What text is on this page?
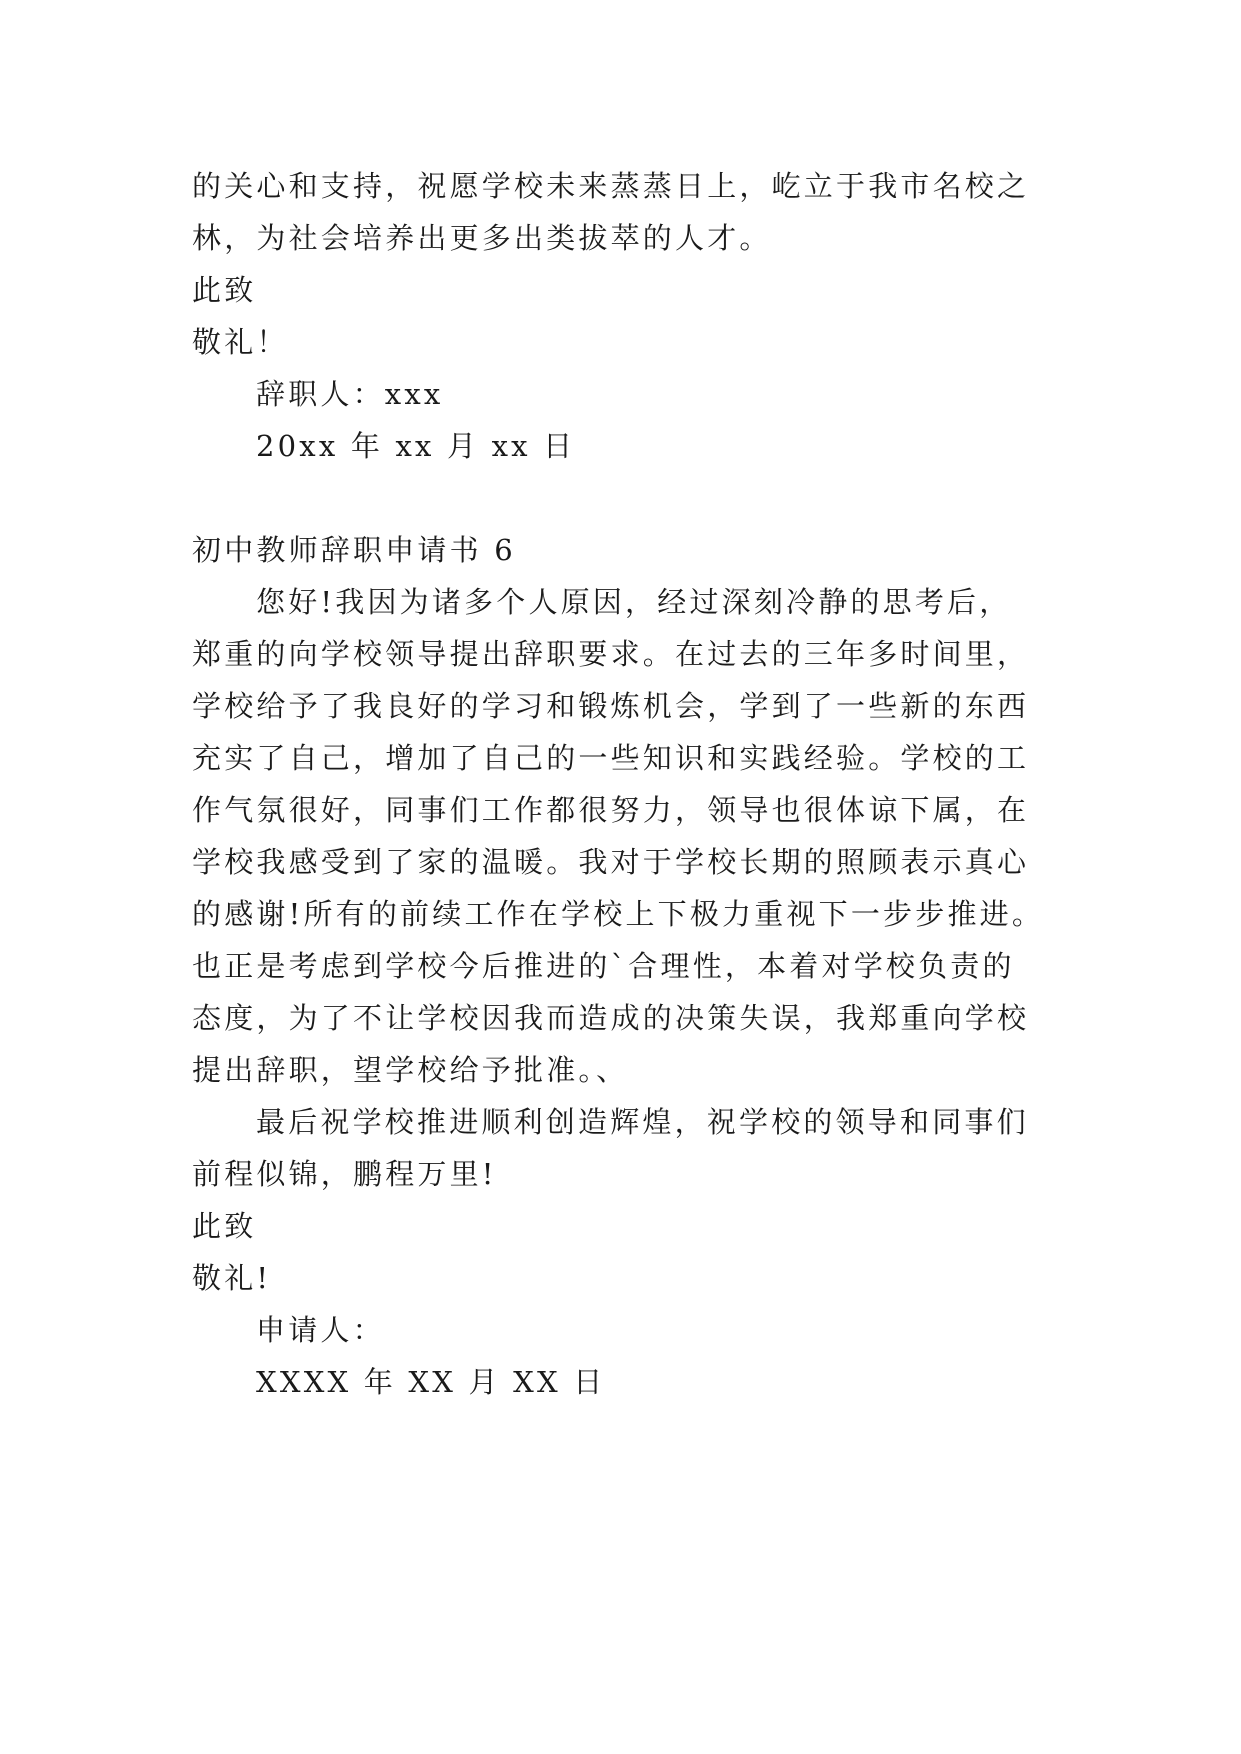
的关心和支持，祝愿学校未来蒸蒸日上，屹立于我市名校之
林，为社会培养出更多出类拔萃的人才。
此致
敬礼！
辞职人：xxx
20xx 年 xx 月 xx 日
初中教师辞职申请书 6
您好!我因为诸多个人原因，经过深刻冷静的思考后，
郑重的向学校领导提出辞职要求。在过去的三年多时间里，
学校给予了我良好的学习和锻炼机会，学到了一些新的东西
充实了自己，增加了自己的一些知识和实践经验。学校的工
作气氛很好，同事们工作都很努力，领导也很体谅下属，在
学校我感受到了家的温暖。我对于学校长期的照顾表示真心
的感谢!所有的前续工作在学校上下极力重视下一步步推进。
也正是考虑到学校今后推进的`合理性，本着对学校负责的
态度，为了不让学校因我而造成的决策失误，我郑重向学校
提出辞职，望学校给予批准。、
最后祝学校推进顺利创造辉煌，祝学校的领导和同事们
前程似锦，鹏程万里!
此致
敬礼!
申请人：
XXXX 年 XX 月 XX 日
